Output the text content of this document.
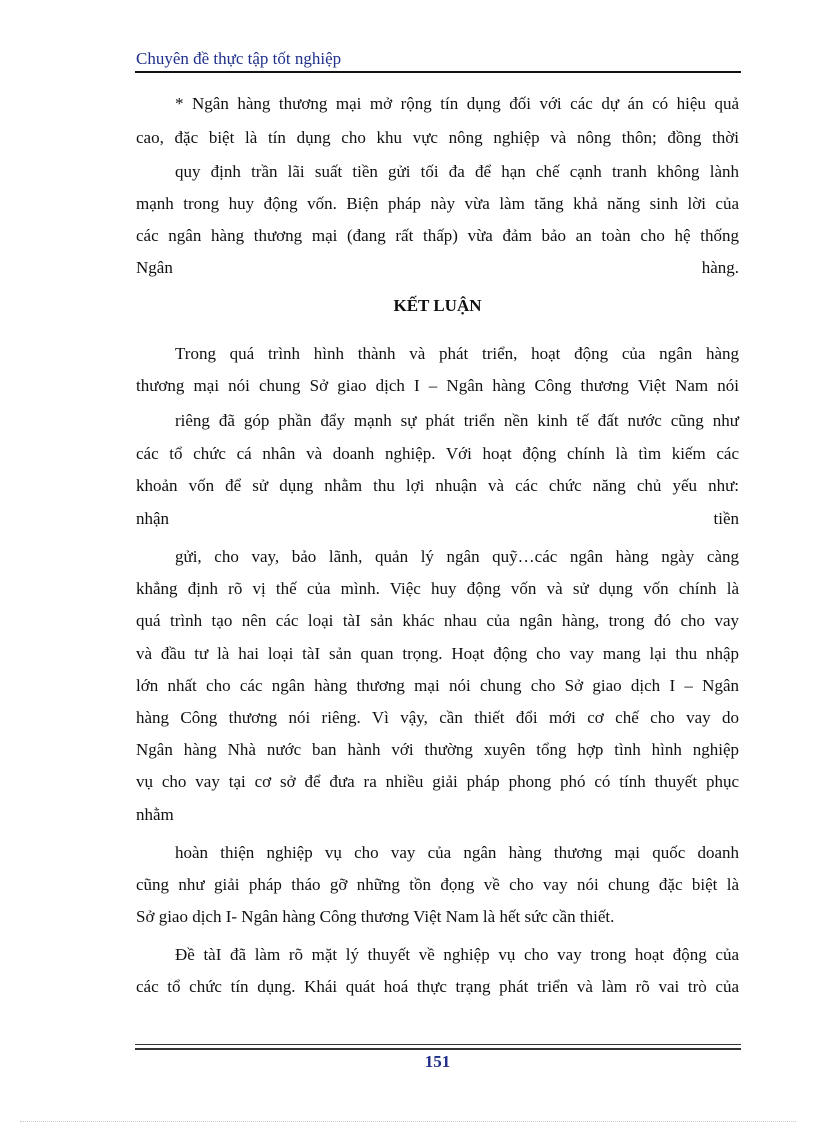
Chuyên đề thực tập tốt nghiệp
* Ngân hàng thương mại mở rộng tín dụng đối với các dự án có hiệu quả
cao, đặc biệt là tín dụng cho khu vực nông nghiệp và nông thôn; đồng thời
quy định trần lãi suất tiền gửi tối đa để hạn chế cạnh tranh không lành
mạnh trong huy động vốn. Biện pháp này vừa làm tăng khả năng sinh lời của
các ngân hàng thương mại (đang rất thấp) vừa đảm bảo an toàn cho hệ thống
Ngân hàng.
KẾT LUẬN
Trong quá trình hình thành và phát triển, hoạt động của ngân hàng
thương mại nói chung Sở giao dịch I – Ngân hàng Công thương Việt Nam nói
riêng đã góp phần đẩy mạnh sự phát triển nền kinh tế đất nước cũng như
các tổ chức cá nhân và doanh nghiệp. Với hoạt động chính là tìm kiếm các
khoản vốn để sử dụng nhằm thu lợi nhuận và các chức năng chủ yếu như:
nhận tiền
gửi, cho vay, bảo lãnh, quản lý ngân quỹ…các ngân hàng ngày càng
khẳng định rõ vị thế của mình. Việc huy động vốn và sử dụng vốn chính là
quá trình tạo nên các loại tàI sản khác nhau của ngân hàng, trong đó cho vay
và đầu tư là hai loại tàI sản quan trọng. Hoạt động cho vay mang lại thu nhập
lớn nhất cho các ngân hàng thương mại nói chung cho Sở giao dịch I – Ngân
hàng Công thương nói riêng. Vì vậy, cần thiết đổi mới cơ chế cho vay do
Ngân hàng Nhà nước ban hành với thường xuyên tổng hợp tình hình nghiệp
vụ cho vay tại cơ sở để đưa ra nhiều giải pháp phong phó có tính thuyết phục
nhằm
hoàn thiện nghiệp vụ cho vay của ngân hàng thương mại quốc doanh
cũng như giải pháp tháo gỡ những tồn đọng về cho vay nói chung đặc biệt là
Sở giao dịch I- Ngân hàng Công thương Việt Nam là hết sức cần thiết.
Đề tàI đã làm rõ mặt lý thuyết về nghiệp vụ cho vay trong hoạt động của
các tổ chức tín dụng. Khái quát hoá thực trạng phát triển và làm rõ vai trò của
151
